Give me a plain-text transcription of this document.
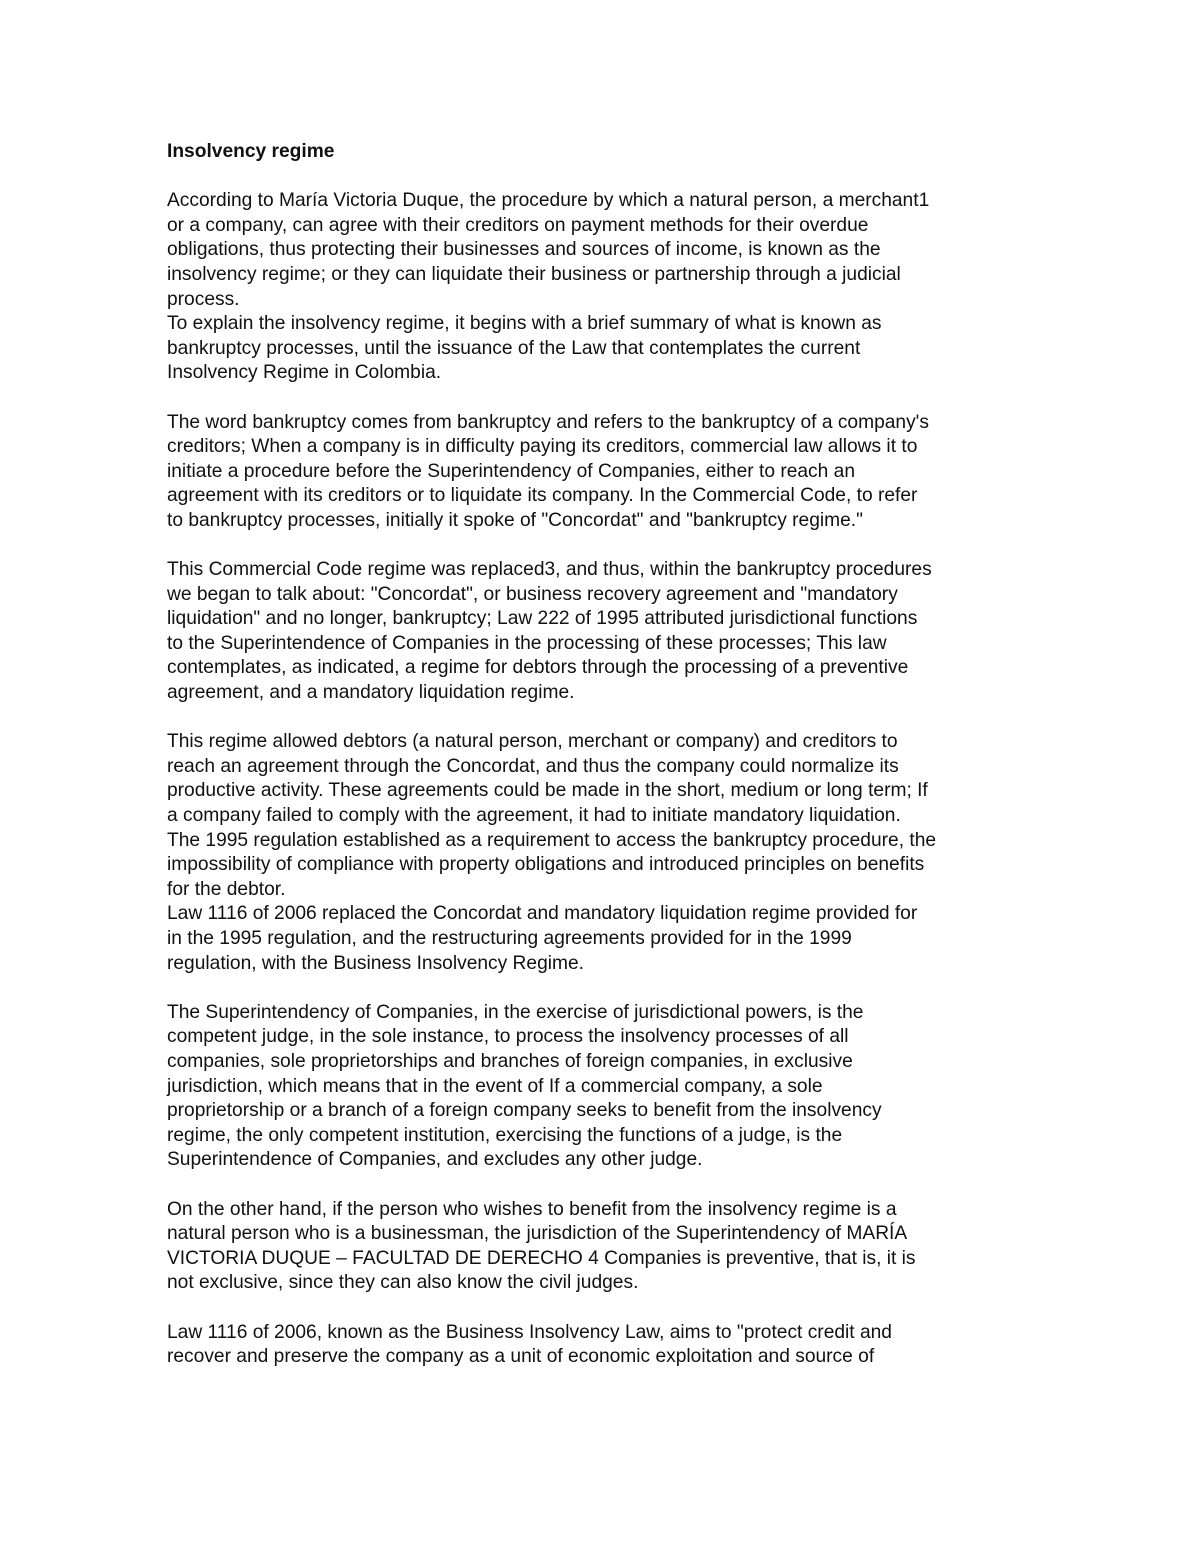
Insolvency regime

According to María Victoria Duque, the procedure by which a natural person, a merchant1
or a company, can agree with their creditors on payment methods for their overdue
obligations, thus protecting their businesses and sources of income, is known as the
insolvency regime; or they can liquidate their business or partnership through a judicial
process.

To explain the insolvency regime, it begins with a brief summary of what is known as
bankruptcy processes, until the issuance of the Law that contemplates the current
Insolvency Regime in Colombia.

The word bankruptcy comes from bankruptcy and refers to the bankruptcy of a company's
creditors; When a company is in difficulty paying its creditors, commercial law allows it to
initiate a procedure before the Superintendency of Companies, either to reach an
agreement with its creditors or to liquidate its company. In the Commercial Code, to refer
to bankruptcy processes, initially it spoke of "Concordat" and "bankruptcy regime."

This Commercial Code regime was replaced3, and thus, within the bankruptcy procedures
we began to talk about: "Concordat", or business recovery agreement and "mandatory
liquidation" and no longer, bankruptcy; Law 222 of 1995 attributed jurisdictional functions
to the Superintendence of Companies in the processing of these processes; This law
contemplates, as indicated, a regime for debtors through the processing of a preventive
agreement, and a mandatory liquidation regime.

This regime allowed debtors (a natural person, merchant or company) and creditors to
reach an agreement through the Concordat, and thus the company could normalize its
productive activity. These agreements could be made in the short, medium or long term; If
a company failed to comply with the agreement, it had to initiate mandatory liquidation.
The 1995 regulation established as a requirement to access the bankruptcy procedure, the
impossibility of compliance with property obligations and introduced principles on benefits
for the debtor.

Law 1116 of 2006 replaced the Concordat and mandatory liquidation regime provided for
in the 1995 regulation, and the restructuring agreements provided for in the 1999
regulation, with the Business Insolvency Regime.

The Superintendency of Companies, in the exercise of jurisdictional powers, is the
competent judge, in the sole instance, to process the insolvency processes of all
companies, sole proprietorships and branches of foreign companies, in exclusive
jurisdiction, which means that in the event of If a commercial company, a sole
proprietorship or a branch of a foreign company seeks to benefit from the insolvency
regime, the only competent institution, exercising the functions of a judge, is the
Superintendence of Companies, and excludes any other judge.

On the other hand, if the person who wishes to benefit from the insolvency regime is a
natural person who is a businessman, the jurisdiction of the Superintendency of MARÍA
VICTORIA DUQUE – FACULTAD DE DERECHO 4 Companies is preventive, that is, it is
not exclusive, since they can also know the civil judges.

Law 1116 of 2006, known as the Business Insolvency Law, aims to "protect credit and
recover and preserve the company as a unit of economic exploitation and source of
